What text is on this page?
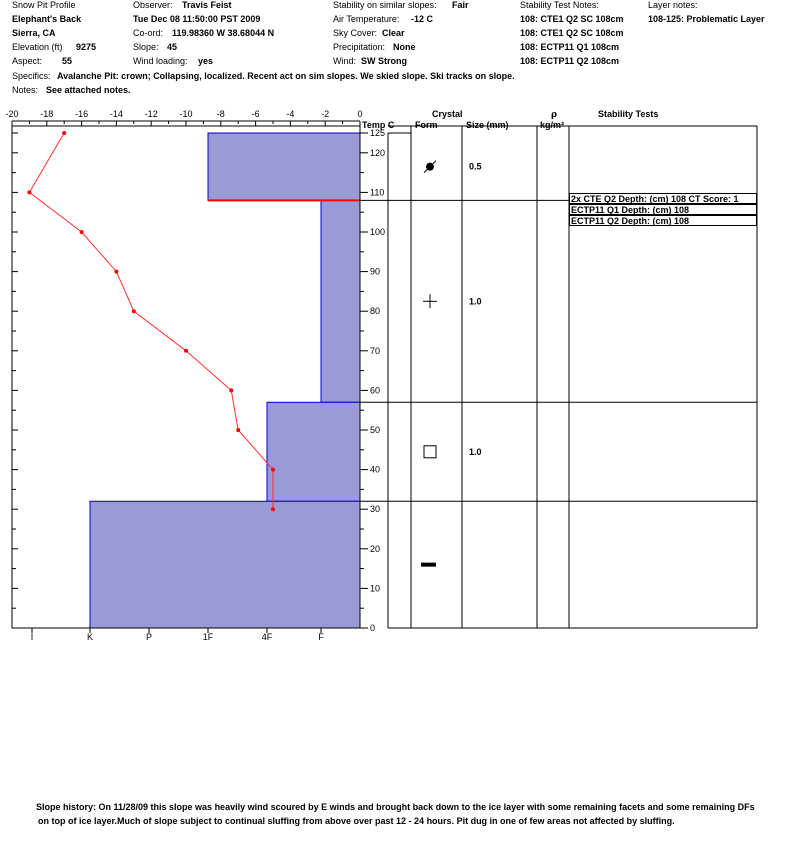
Snow Pit Profile
Elephant's Back
Sierra, CA
Elevation (ft) 9275
Aspect: 55
Observer: Travis Feist
Tue Dec 08 11:50:00 PST 2009
Co-ord: 119.98360 W 38.68044 N
Slope: 45
Wind loading: yes
Stability on similar slopes: Fair
Air Temperature: -12 C
Sky Cover: Clear
Precipitation: None
Wind: SW Strong
Stability Test Notes:
108: CTE1 Q2 SC 108cm
108: CTE1 Q2 SC 108cm
108: ECTP11 Q1 108cm
108: ECTP11 Q2 108cm
Layer notes:
108-125: Problematic Layer
Specifics: Avalanche Pit: crown; Collapsing, localized. Recent act on sim slopes. We skied slope. Ski tracks on slope.
Notes: See attached notes.
-20 -18 -16 -14 -12 -10	-8	-6	-4	-2	0
0
10
20
30
40
50
60
70
80
90
100
110
120
125
I	K	P	1F	4F	F
0.5
1.0
1.0
Temp C
Crystal
Form	Size (mm)
ρ
kg/m³
Stability Tests
2x CTE Q2 Depth: (cm) 108 CT Score: 1
ECTP11 Q1 Depth: (cm) 108
ECTP11 Q2 Depth: (cm) 108
Slope history: On 11/28/09 this slope was heavily wind scoured by E winds and brought back down to the ice layer with some remaining facets and some remaining DFs
on top of ice layer.Much of slope subject to continual sluffing from above over past 12 - 24 hours. Pit dug in one of few areas not affected by sluffing.
